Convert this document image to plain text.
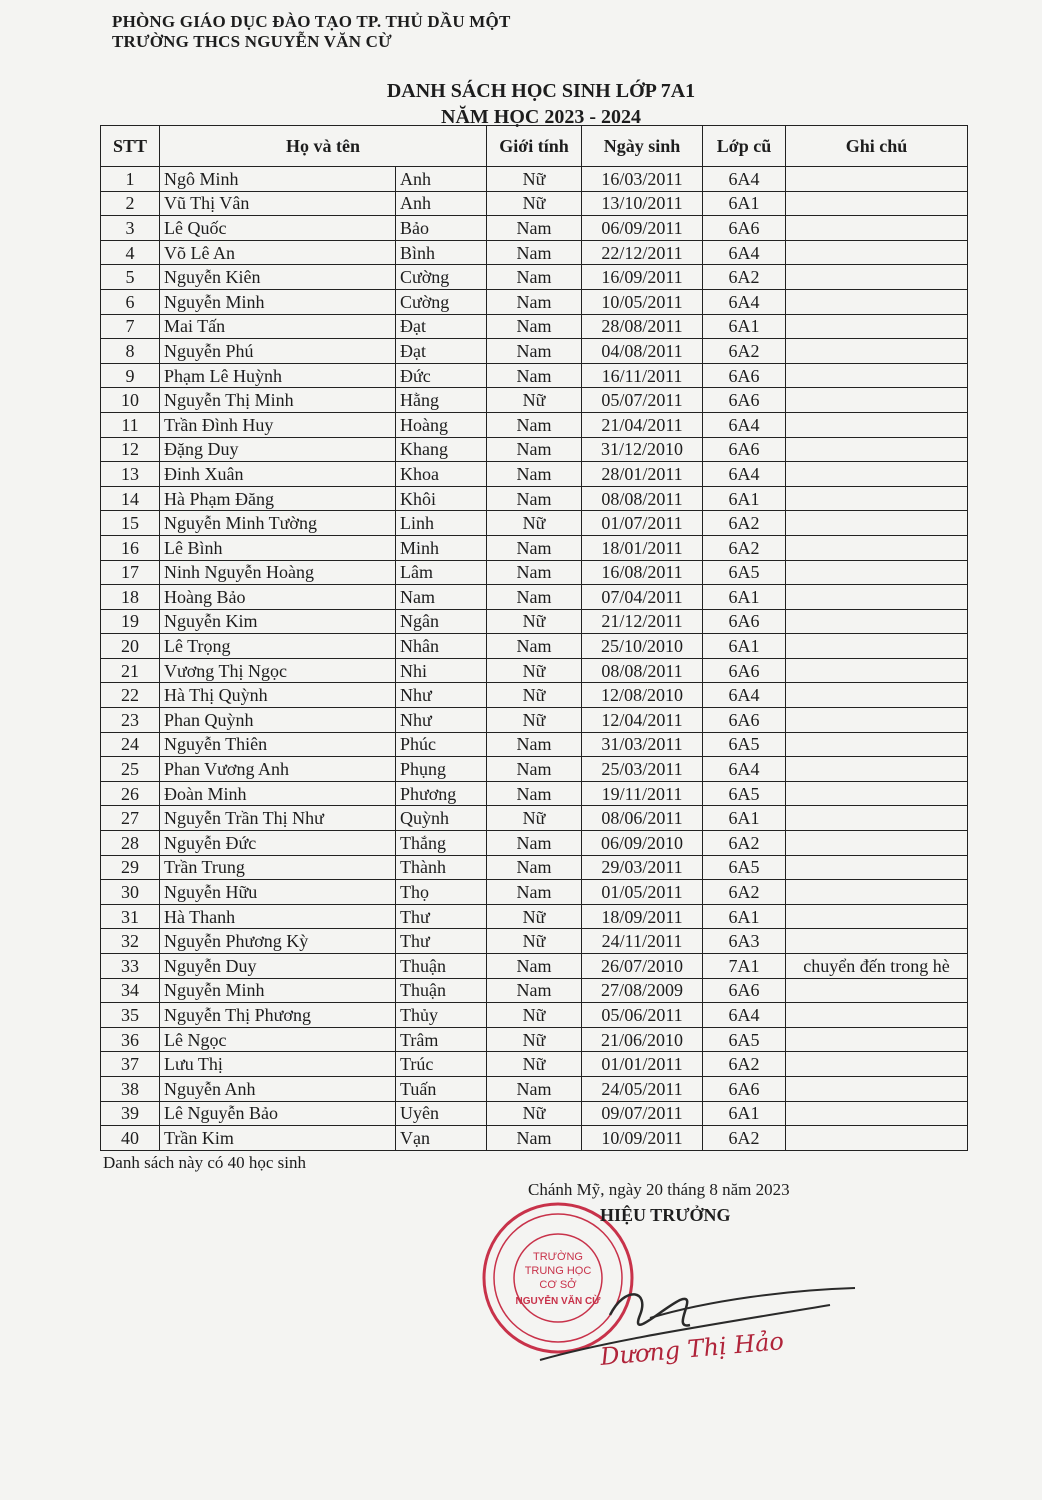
PHÒNG GIÁO DỤC ĐÀO TẠO TP. THỦ DẦU MỘT
TRƯỜNG THCS NGUYỄN VĂN CỪ
DANH SÁCH HỌC SINH LỚP 7A1
NĂM HỌC 2023 - 2024
STT	Họ và tên		Giới tính	Ngày sinh	Lớp cũ	Ghi chú
1	Ngô Minh	Anh	Nữ	16/03/2011	6A4	
2	Vũ Thị Vân	Anh	Nữ	13/10/2011	6A1	
3	Lê Quốc	Bảo	Nam	06/09/2011	6A6	
4	Võ Lê An	Bình	Nam	22/12/2011	6A4	
5	Nguyễn Kiên	Cường	Nam	16/09/2011	6A2	
6	Nguyễn Minh	Cường	Nam	10/05/2011	6A4	
7	Mai Tấn	Đạt	Nam	28/08/2011	6A1	
8	Nguyễn Phú	Đạt	Nam	04/08/2011	6A2	
9	Phạm Lê Huỳnh	Đức	Nam	16/11/2011	6A6	
10	Nguyễn Thị Minh	Hằng	Nữ	05/07/2011	6A6	
11	Trần Đình Huy	Hoàng	Nam	21/04/2011	6A4	
12	Đặng Duy	Khang	Nam	31/12/2010	6A6	
13	Đinh Xuân	Khoa	Nam	28/01/2011	6A4	
14	Hà Phạm Đăng	Khôi	Nam	08/08/2011	6A1	
15	Nguyễn Minh Tường	Linh	Nữ	01/07/2011	6A2	
16	Lê Bình	Minh	Nam	18/01/2011	6A2	
17	Ninh Nguyễn Hoàng	Lâm	Nam	16/08/2011	6A5	
18	Hoàng Bảo	Nam	Nam	07/04/2011	6A1	
19	Nguyễn Kim	Ngân	Nữ	21/12/2011	6A6	
20	Lê Trọng	Nhân	Nam	25/10/2010	6A1	
21	Vương Thị Ngọc	Nhi	Nữ	08/08/2011	6A6	
22	Hà Thị Quỳnh	Như	Nữ	12/08/2010	6A4	
23	Phan Quỳnh	Như	Nữ	12/04/2011	6A6	
24	Nguyễn Thiên	Phúc	Nam	31/03/2011	6A5	
25	Phan Vương Anh	Phụng	Nam	25/03/2011	6A4	
26	Đoàn Minh	Phương	Nam	19/11/2011	6A5	
27	Nguyễn Trần Thị Như	Quỳnh	Nữ	08/06/2011	6A1	
28	Nguyễn Đức	Thắng	Nam	06/09/2010	6A2	
29	Trần Trung	Thành	Nam	29/03/2011	6A5	
30	Nguyễn Hữu	Thọ	Nam	01/05/2011	6A2	
31	Hà Thanh	Thư	Nữ	18/09/2011	6A1	
32	Nguyễn Phương Kỳ	Thư	Nữ	24/11/2011	6A3	
33	Nguyễn Duy	Thuận	Nam	26/07/2010	7A1	chuyển đến trong hè
34	Nguyễn Minh	Thuận	Nam	27/08/2009	6A6	
35	Nguyễn Thị Phương	Thủy	Nữ	05/06/2011	6A4	
36	Lê Ngọc	Trâm	Nữ	21/06/2010	6A5	
37	Lưu Thị	Trúc	Nữ	01/01/2011	6A2	
38	Nguyễn Anh	Tuấn	Nam	24/05/2011	6A6	
39	Lê Nguyễn Bảo	Uyên	Nữ	09/07/2011	6A1	
40	Trần Kim	Vạn	Nam	10/09/2011	6A2	
Danh sách này có 40 học sinh
Chánh Mỹ, ngày 20 tháng 8 năm 2023
TRƯỜNG
TRUNG HỌC
CƠ SỞ
NGUYỄN VĂN CỪ
HIỆU TRƯỞNG
Dương Thị Hảo
